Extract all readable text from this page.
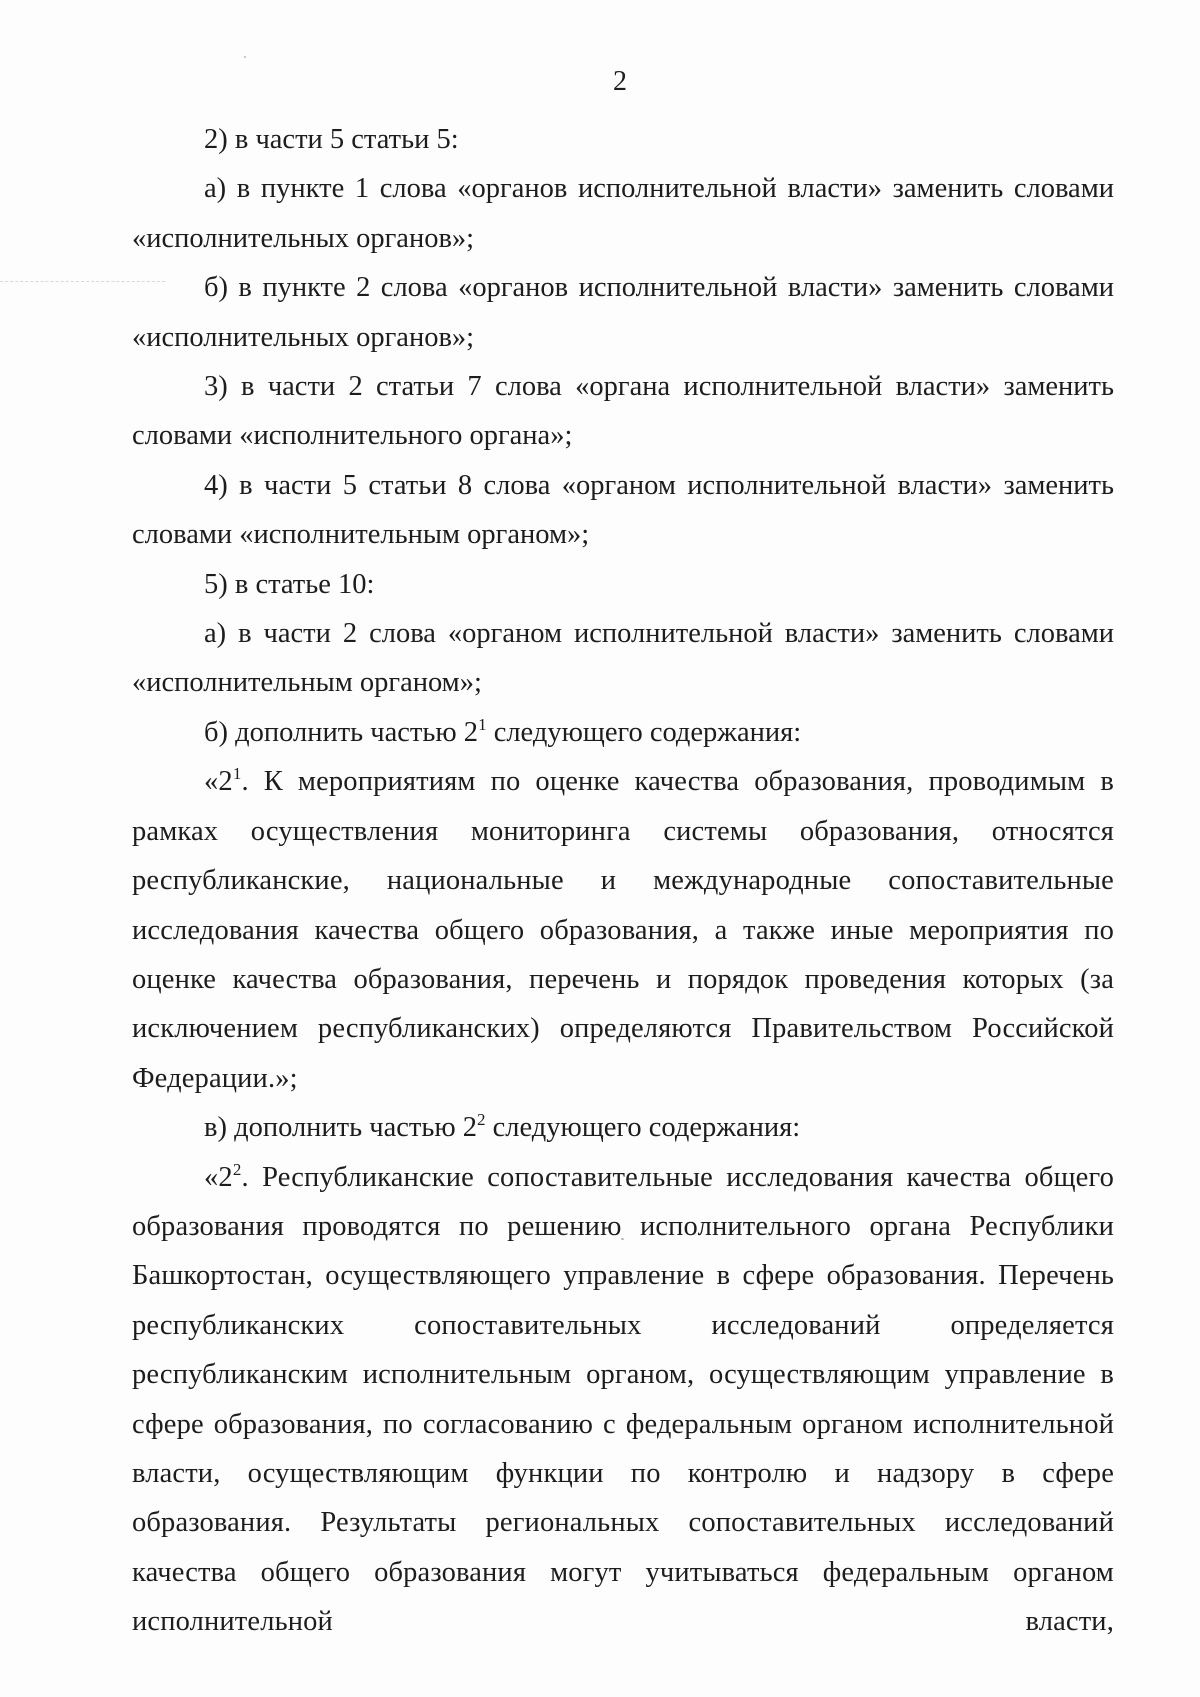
2

2) в части 5 статьи 5:

а) в пункте 1 слова «органов исполнительной власти» заменить словами «исполнительных органов»;

б) в пункте 2 слова «органов исполнительной власти» заменить словами «исполнительных органов»;

3) в части 2 статьи 7 слова «органа исполнительной власти» заменить словами «исполнительного органа»;

4) в части 5 статьи 8 слова «органом исполнительной власти» заменить словами «исполнительным органом»;

5) в статье 10:

а) в части 2 слова «органом исполнительной власти» заменить словами «исполнительным органом»;

б) дополнить частью $2^1$ следующего содержания:

«$2^1$. К мероприятиям по оценке качества образования, проводимым в рамках осуществления мониторинга системы образования, относятся республиканские, национальные и международные сопоставительные исследования качества общего образования, а также иные мероприятия по оценке качества образования, перечень и порядок проведения которых (за исключением республиканских) определяются Правительством Российской Федерации.»;

в) дополнить частью $2^2$ следующего содержания:

«$2^2$. Республиканские сопоставительные исследования качества общего образования проводятся по решению исполнительного органа Республики Башкортостан, осуществляющего управление в сфере образования. Перечень республиканских сопоставительных исследований определяется республиканским исполнительным органом, осуществляющим управление в сфере образования, по согласованию с федеральным органом исполнительной власти, осуществляющим функции по контролю и надзору в сфере образования. Результаты региональных сопоставительных исследований качества общего образования могут учитываться федеральным органом исполнительной власти,
